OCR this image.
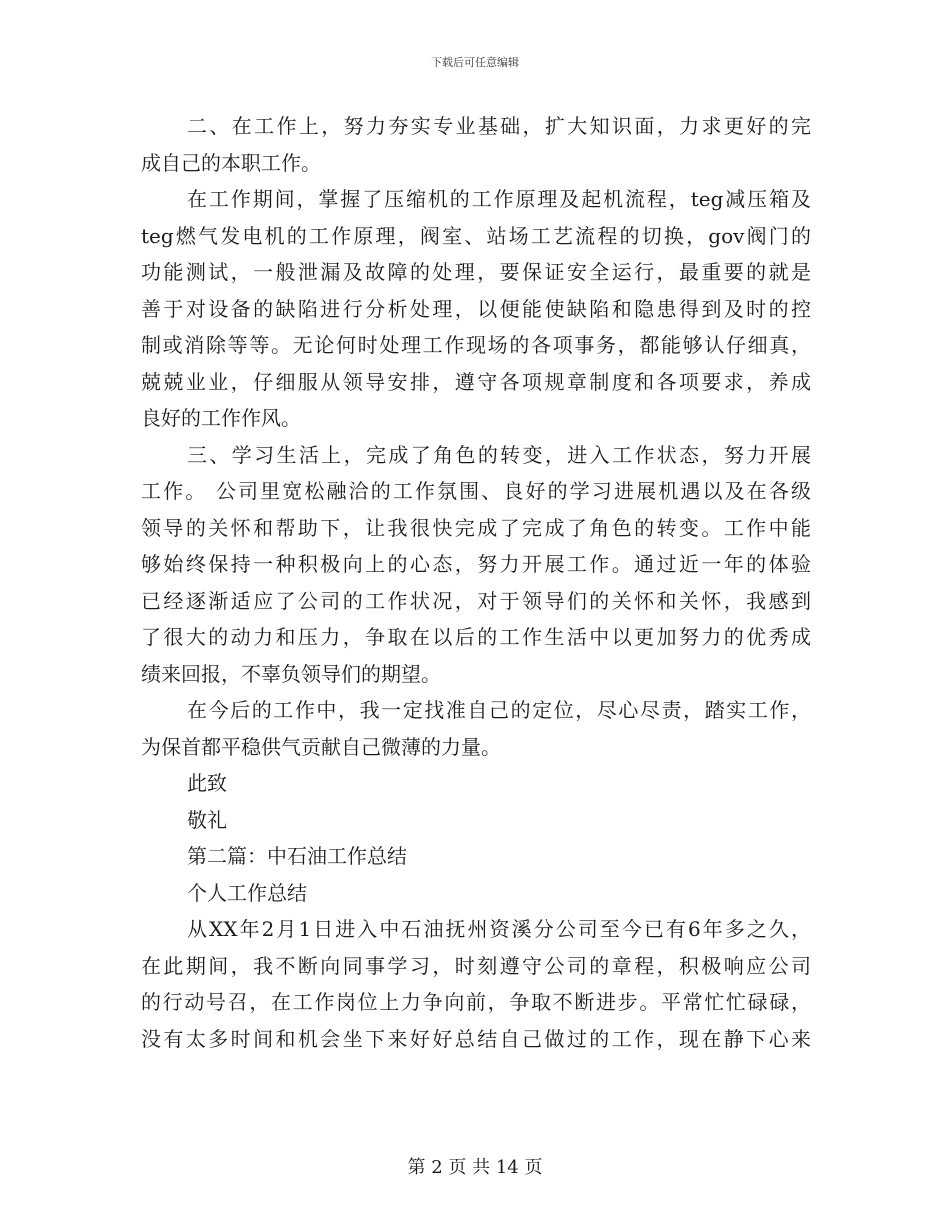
下载后可任意编辑
二、在工作上，努力夯实专业基础，扩大知识面，力求更好的完
成自己的本职工作。
在工作期间，掌握了压缩机的工作原理及起机流程，teg减压箱及
teg燃气发电机的工作原理，阀室、站场工艺流程的切换，gov阀门的
功能测试，一般泄漏及故障的处理，要保证安全运行，最重要的就是
善于对设备的缺陷进行分析处理，以便能使缺陷和隐患得到及时的控
制或消除等等。无论何时处理工作现场的各项事务，都能够认仔细真，
兢兢业业，仔细服从领导安排，遵守各项规章制度和各项要求，养成
良好的工作作风。
三、学习生活上，完成了角色的转变，进入工作状态，努力开展
工作。 公司里宽松融洽的工作氛围、良好的学习进展机遇以及在各级
领导的关怀和帮助下，让我很快完成了完成了角色的转变。工作中能
够始终保持一种积极向上的心态，努力开展工作。通过近一年的体验
已经逐渐适应了公司的工作状况，对于领导们的关怀和关怀，我感到
了很大的动力和压力，争取在以后的工作生活中以更加努力的优秀成
绩来回报，不辜负领导们的期望。
在今后的工作中，我一定找准自己的定位，尽心尽责，踏实工作，
为保首都平稳供气贡献自己微薄的力量。
此致
敬礼
第二篇：中石油工作总结
个人工作总结
从XX年2月1日进入中石油抚州资溪分公司至今已有6年多之久，
在此期间，我不断向同事学习，时刻遵守公司的章程，积极响应公司
的行动号召，在工作岗位上力争向前，争取不断进步。平常忙忙碌碌，
没有太多时间和机会坐下来好好总结自己做过的工作，现在静下心来
第 2 页 共 14 页
